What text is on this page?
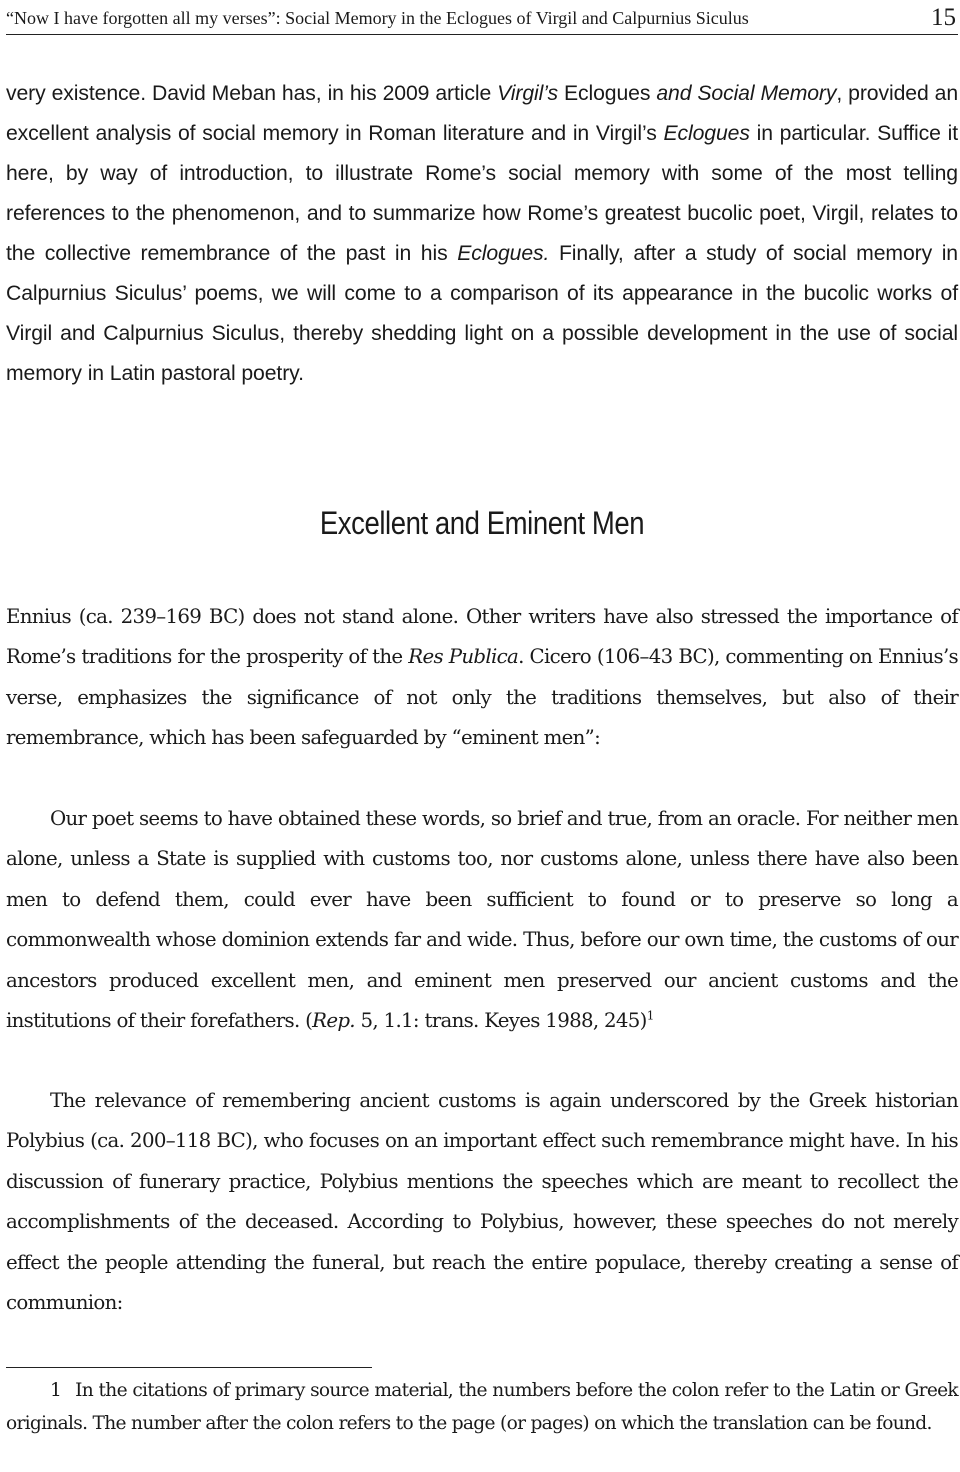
“Now I have forgotten all my verses”: Social Memory in the Eclogues of Virgil and Calpurnius Siculus	15

very existence. David Meban has, in his 2009 article Virgil’s Eclogues and Social Memory, provided an excellent analysis of social memory in Roman literature and in Virgil’s Eclogues in particular. Suffice it here, by way of introduction, to illustrate Rome’s social memory with some of the most telling references to the phenomenon, and to summarize how Rome’s greatest bucolic poet, Virgil, relates to the collective remembrance of the past in his Eclogues. Finally, after a study of social memory in Calpurnius Siculus’ poems, we will come to a comparison of its appearance in the bucolic works of Virgil and Calpurnius Siculus, thereby shedding light on a possible development in the use of social memory in Latin pastoral poetry.

Excellent and Eminent Men

Ennius (ca. 239–169 BC) does not stand alone. Other writers have also stressed the importance of Rome’s traditions for the prosperity of the Res Publica. Cicero (106–43 BC), commenting on Ennius’s verse, emphasizes the significance of not only the traditions themselves, but also of their remembrance, which has been safeguarded by “eminent men”:

Our poet seems to have obtained these words, so brief and true, from an oracle. For neither men alone, unless a State is supplied with customs too, nor customs alone, unless there have also been men to defend them, could ever have been sufficient to found or to preserve so long a commonwealth whose dominion extends far and wide. Thus, before our own time, the customs of our ancestors produced excellent men, and eminent men preserved our ancient customs and the institutions of their forefathers. (Rep. 5, 1.1: trans. Keyes 1988, 245)$^1$

The relevance of remembering ancient customs is again underscored by the Greek historian Polybius (ca. 200–118 BC), who focuses on an important effect such remembrance might have. In his discussion of funerary practice, Polybius mentions the speeches which are meant to recollect the accomplishments of the deceased. According to Polybius, however, these speeches do not merely effect the people attending the funeral, but reach the entire populace, thereby creating a sense of communion:

1 In the citations of primary source material, the numbers before the colon refer to the Latin or Greek originals. The number after the colon refers to the page (or pages) on which the translation can be found.
